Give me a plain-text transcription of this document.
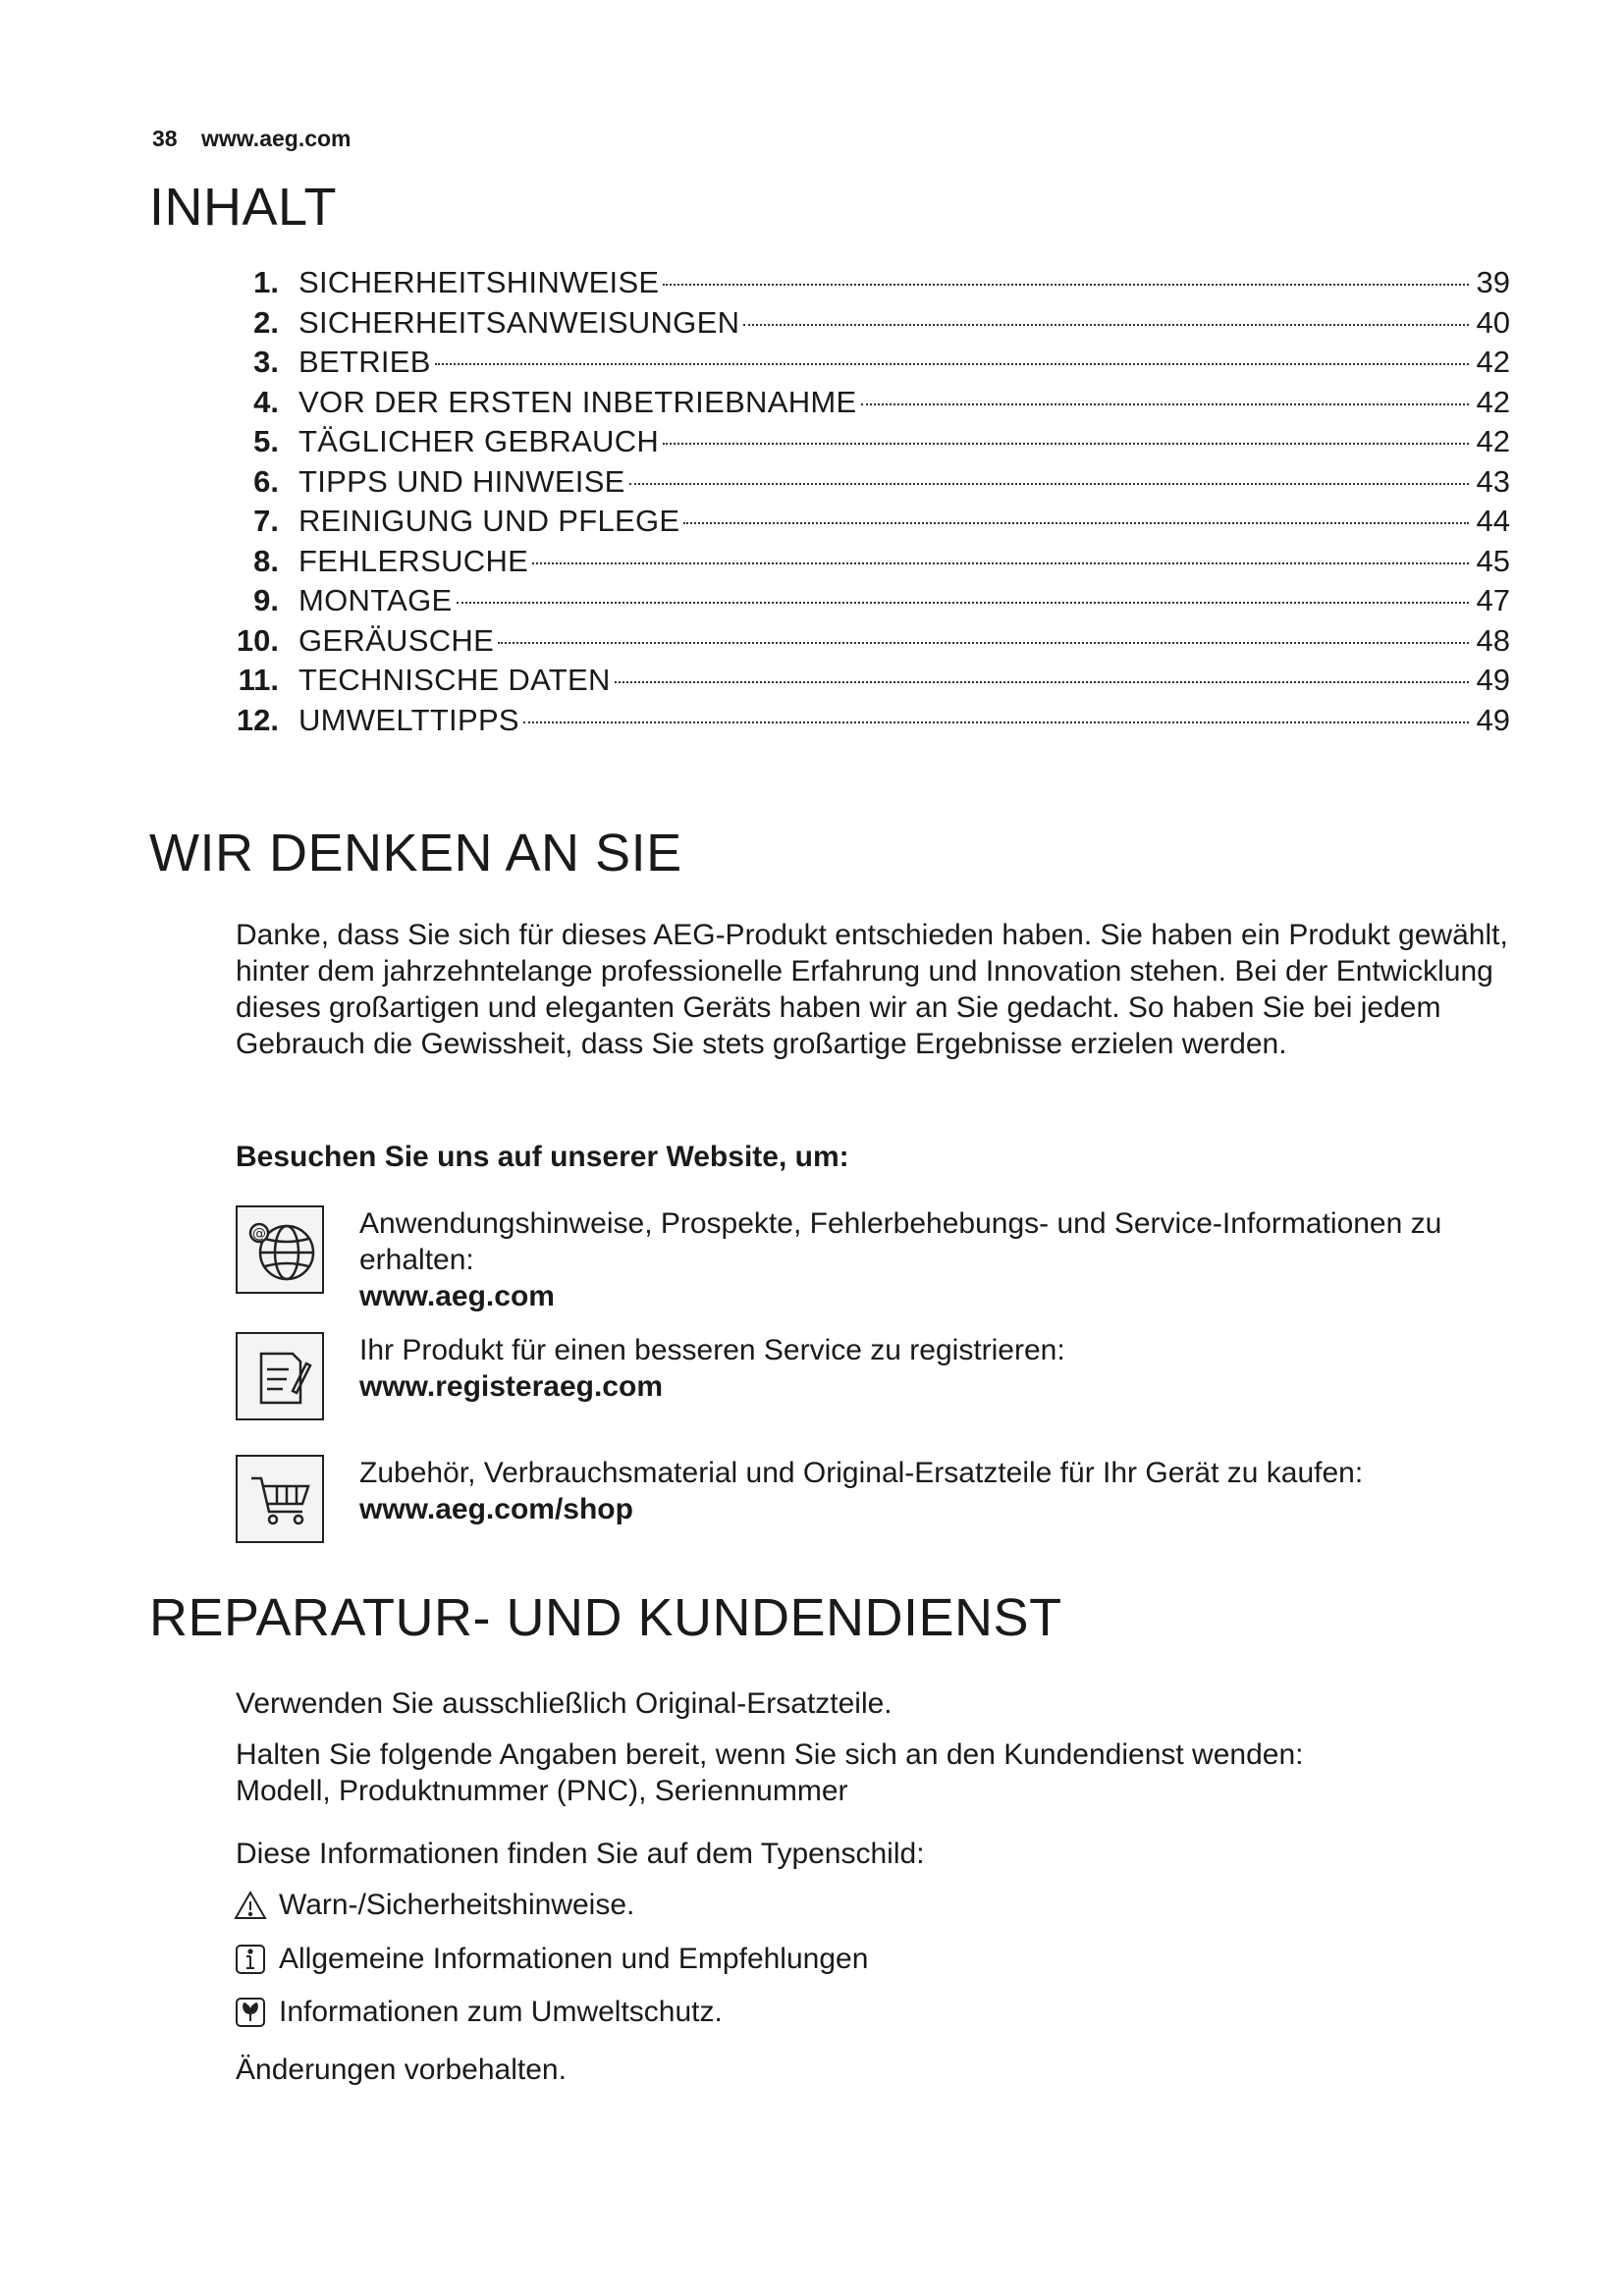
38 www.aeg.com
INHALT
1. SICHERHEITSHINWEISE	39
2. SICHERHEITSANWEISUNGEN	40
3. BETRIEB	42
4. VOR DER ERSTEN INBETRIEBNAHME	42
5. TÄGLICHER GEBRAUCH	42
6. TIPPS UND HINWEISE	43
7. REINIGUNG UND PFLEGE	44
8. FEHLERSUCHE	45
9. MONTAGE	47
10. GERÄUSCHE	48
11. TECHNISCHE DATEN	49
12. UMWELTTIPPS	49
WIR DENKEN AN SIE

Danke, dass Sie sich für dieses AEG-Produkt entschieden haben. Sie haben ein Produkt gewählt, hinter dem jahrzehntelange professionelle Erfahrung und Innovation stehen. Bei der Entwicklung dieses großartigen und eleganten Geräts haben wir an Sie gedacht. So haben Sie bei jedem Gebrauch die Gewissheit, dass Sie stets großartige Ergebnisse erzielen werden.

Besuchen Sie uns auf unserer Website, um:
@	Anwendungshinweise, Prospekte, Fehlerbehebungs- und Service-Informationen zu erhalten:
www.aeg.com
Ihr Produkt für einen besseren Service zu registrieren:
www.registeraeg.com
Zubehör, Verbrauchsmaterial und Original-Ersatzteile für Ihr Gerät zu kaufen:
www.aeg.com/shop
REPARATUR- UND KUNDENDIENST

Verwenden Sie ausschließlich Original-Ersatzteile.

Halten Sie folgende Angaben bereit, wenn Sie sich an den Kundendienst wenden:
Modell, Produktnummer (PNC), Seriennummer

Diese Informationen finden Sie auf dem Typenschild:

Warn-/Sicherheitshinweise.
Allgemeine Informationen und Empfehlungen
Informationen zum Umweltschutz.

Änderungen vorbehalten.
